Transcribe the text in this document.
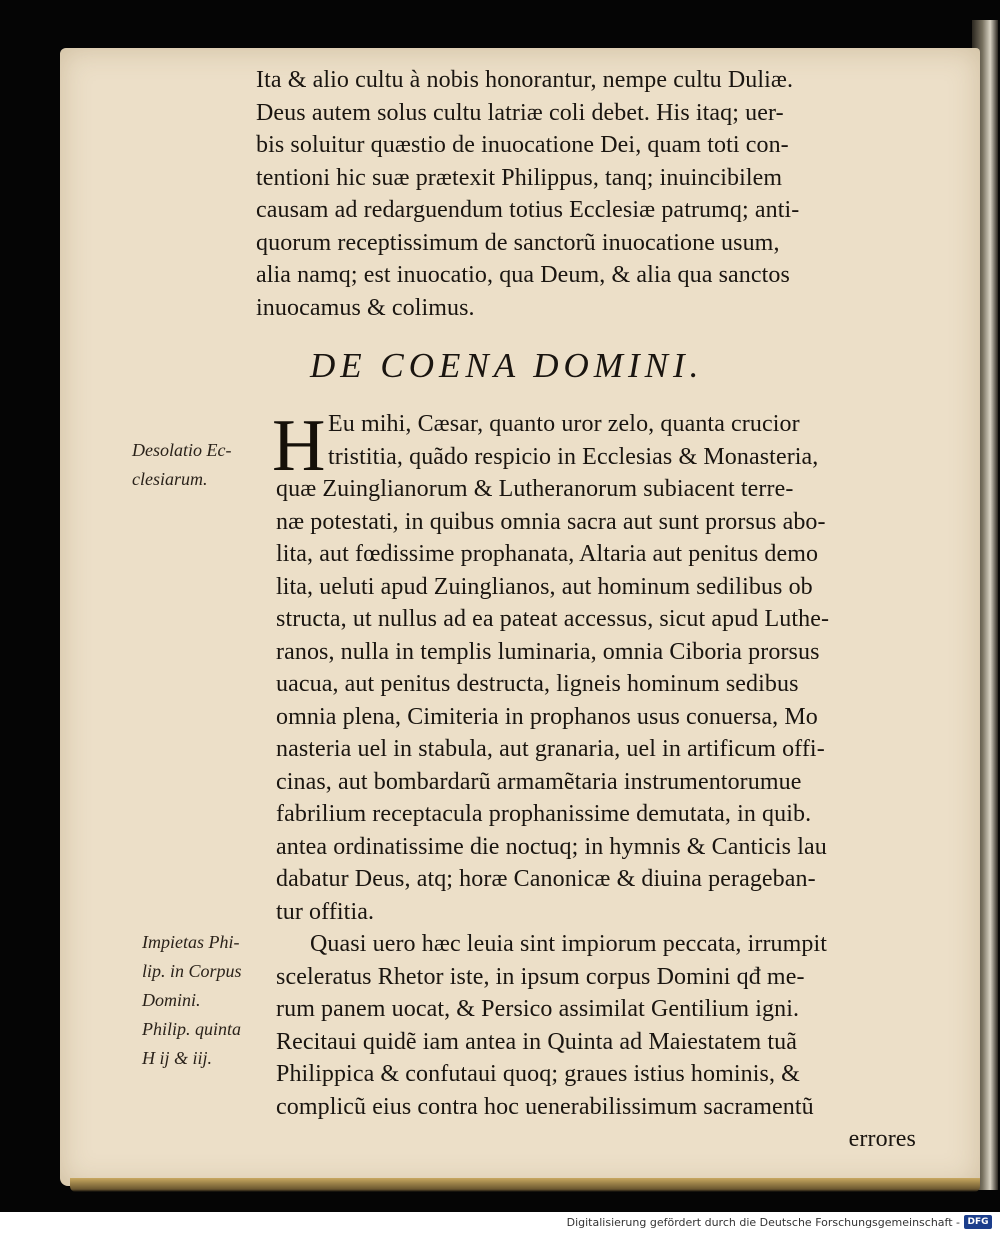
Ita & alio cultu à nobis honorantur, nempe cultu Duliæ.
Deus autem solus cultu latriæ coli debet. His itaq; uer-
bis soluitur quæstio de inuocatione Dei, quam toti con-
tentioni hic suæ prætexit Philippus, tanq; inuincibilem
causam ad redarguendum totius Ecclesiæ patrumq; anti-
quorum receptissimum de sanctorũ inuocatione usum,
alia namq; est inuocatio, qua Deum, & alia qua sanctos
inuocamus & colimus.
DE COENA DOMINI.
H Eu mihi, Cæsar, quanto uror zelo, quanta crucior
tristitia, quãdo respicio in Ecclesias & Monasteria,
quæ Zuinglianorum & Lutheranorum subiacent terre-
næ potestati, in quibus omnia sacra aut sunt prorsus abo-
lita, aut fœdissime prophanata, Altaria aut penitus demo
lita, ueluti apud Zuinglianos, aut hominum sedilibus ob
structa, ut nullus ad ea pateat accessus, sicut apud Luthe-
ranos, nulla in templis luminaria, omnia Ciboria prorsus
uacua, aut penitus destructa, ligneis hominum sedibus
omnia plena, Cimiteria in prophanos usus conuersa, Mo
nasteria uel in stabula, aut granaria, uel in artificum offi-
cinas, aut bombardarũ armamẽtaria instrumentorumue
fabrilium receptacula prophanissime demutata, in quib.
antea ordinatissime die noctuq; in hymnis & Canticis lau
dabatur Deus, atq; horæ Canonicæ & diuina perageban-
tur offitia.
Quasi uero hæc leuia sint impiorum peccata, irrumpit
sceleratus Rhetor iste, in ipsum corpus Domini qđ me-
rum panem uocat, & Persico assimilat Gentilium igni.
Recitaui quidẽ iam antea in Quinta ad Maiestatem tuã
Philippica & confutaui quoq; graues istius hominis, &
complicũ eius contra hoc uenerabilissimum sacramentũ
errores
Desolatio Ec-
clesiarum.
Impietas Phi-
lip. in Corpus
Domini.
Philip. quinta
H ij & iij.
Digitalisierung gefördert durch die Deutsche Forschungsgemeinschaft - DFG
